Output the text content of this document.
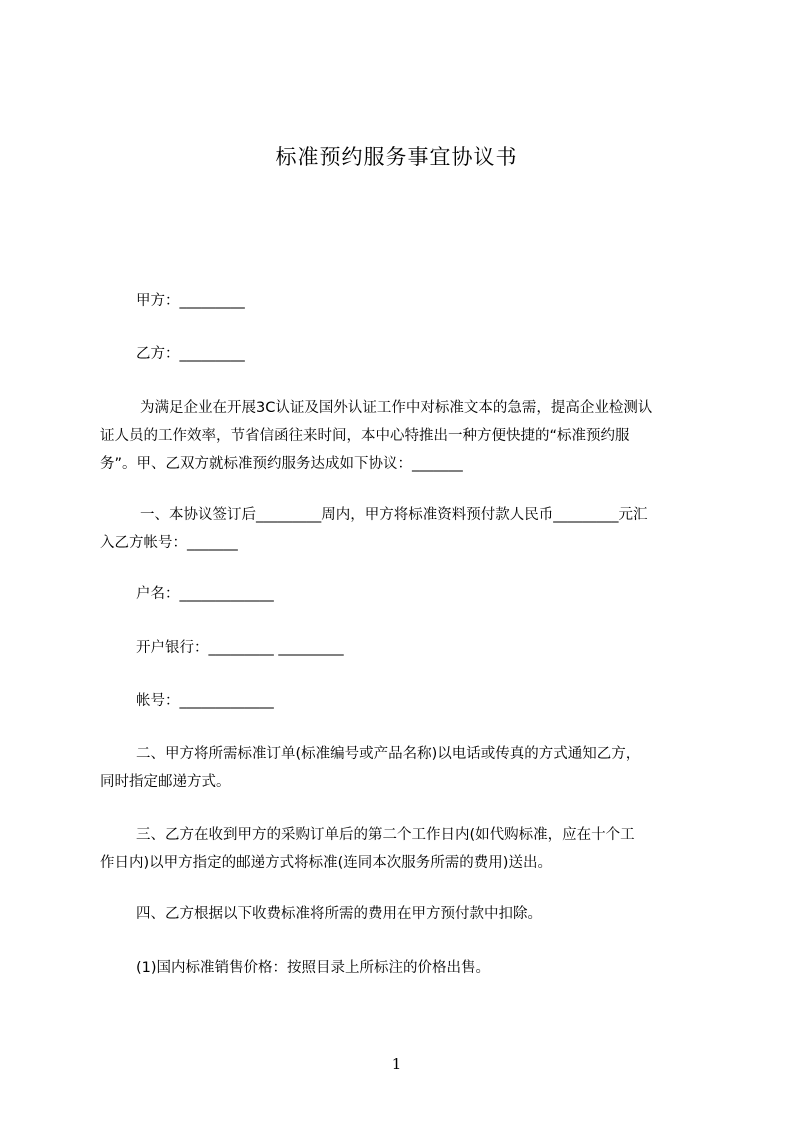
标准预约服务事宜协议书
甲方：_________
乙方：_________
为满足企业在开展3C认证及国外认证工作中对标准文本的急需，提高企业检测认
证人员的工作效率，节省信函往来时间，本中心特推出一种方便快捷的“标准预约服
务”。甲、乙双方就标准预约服务达成如下协议：_______
一、本协议签订后_________周内，甲方将标准资料预付款人民币_________元汇
入乙方帐号：_______
户名：_____________
开户银行：_________ _________
帐号：_____________
二、甲方将所需标准订单(标准编号或产品名称)以电话或传真的方式通知乙方，
同时指定邮递方式。
三、乙方在收到甲方的采购订单后的第二个工作日内(如代购标准，应在十个工
作日内)以甲方指定的邮递方式将标准(连同本次服务所需的费用)送出。
四、乙方根据以下收费标准将所需的费用在甲方预付款中扣除。
(1)国内标准销售价格：按照目录上所标注的价格出售。
1
